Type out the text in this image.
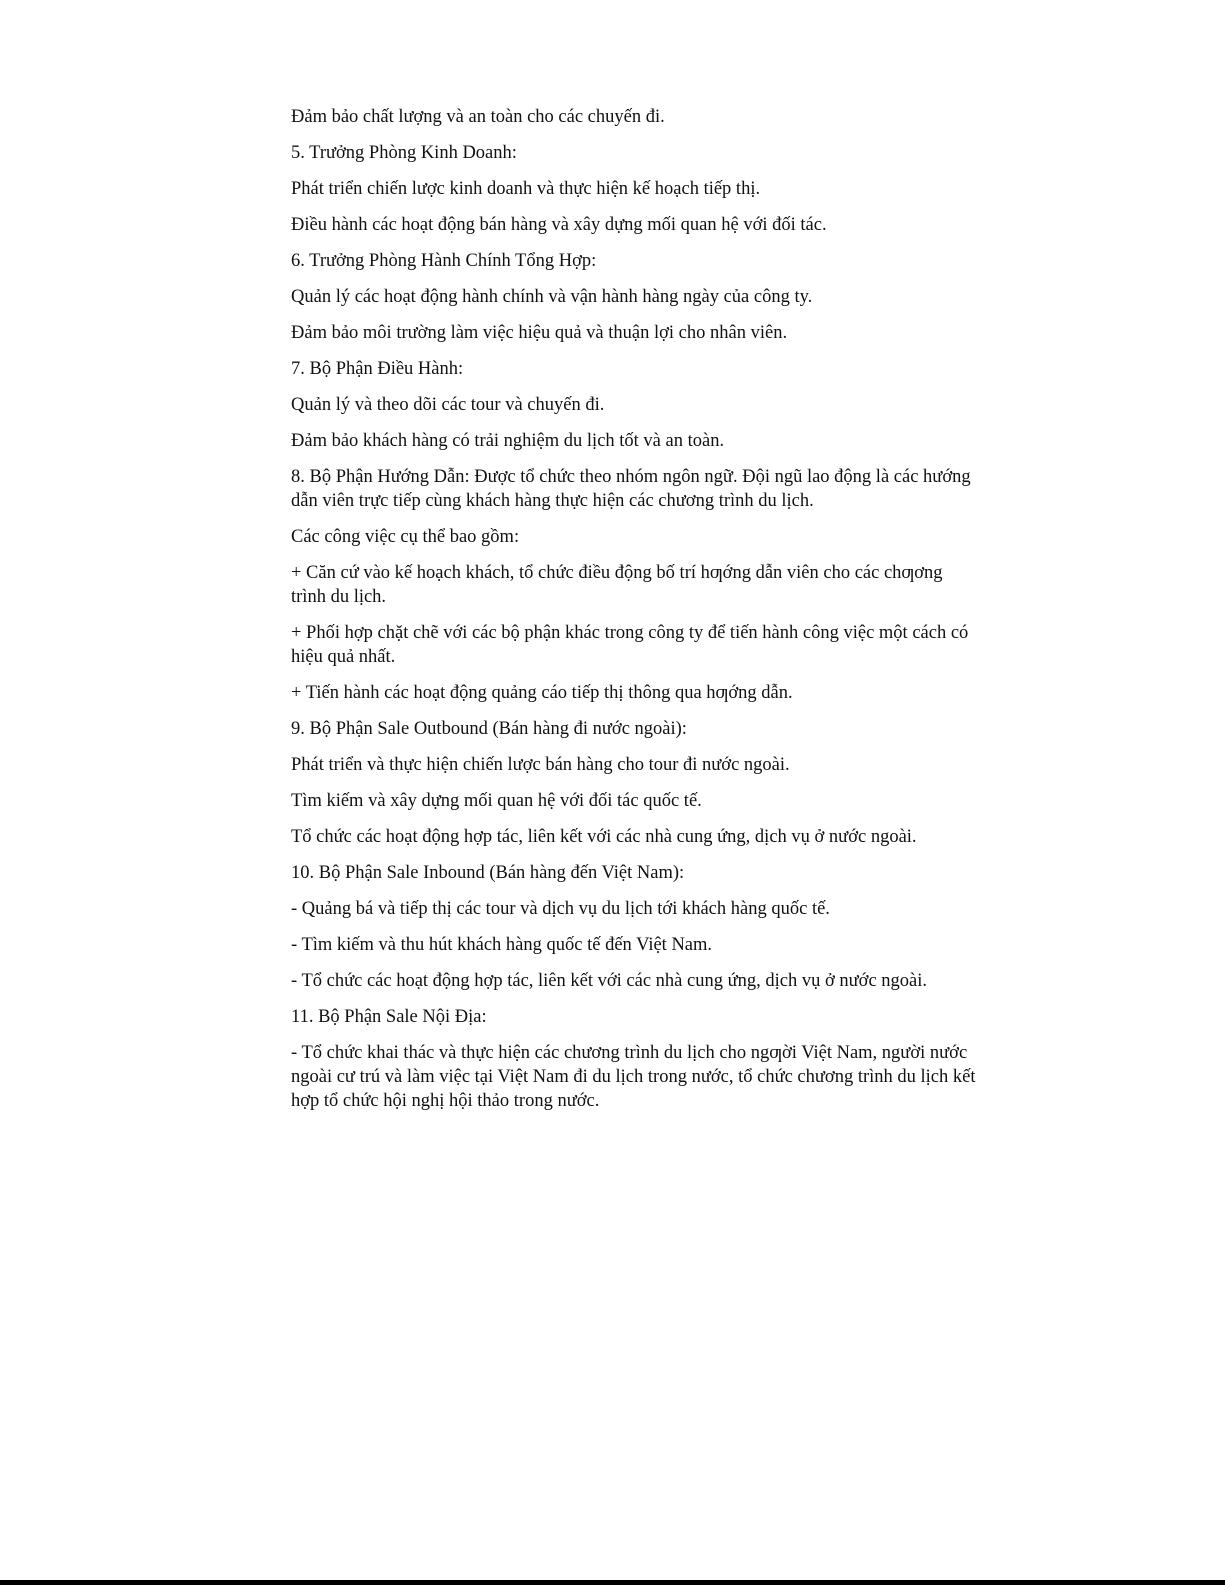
Đảm bảo chất lượng và an toàn cho các chuyến đi.

5. Trưởng Phòng Kinh Doanh:

Phát triển chiến lược kinh doanh và thực hiện kế hoạch tiếp thị.

Điều hành các hoạt động bán hàng và xây dựng mối quan hệ với đối tác.

6. Trưởng Phòng Hành Chính Tổng Hợp:

Quản lý các hoạt động hành chính và vận hành hàng ngày của công ty.

Đảm bảo môi trường làm việc hiệu quả và thuận lợi cho nhân viên.

7. Bộ Phận Điều Hành:

Quản lý và theo dõi các tour và chuyến đi.

Đảm bảo khách hàng có trải nghiệm du lịch tốt và an toàn.

8. Bộ Phận Hướng Dẫn: Được tổ chức theo nhóm ngôn ngữ. Đội ngũ lao động là các hướng dẫn viên trực tiếp cùng khách hàng thực hiện các chương trình du lịch.

Các công việc cụ thể bao gồm:

+ Căn cứ vào kế hoạch khách, tổ chức điều động bố trí hƣớng dẫn viên cho các chƣơng trình du lịch.

+ Phối hợp chặt chẽ với các bộ phận khác trong công ty để tiến hành công việc một cách có hiệu quả nhất.

+ Tiến hành các hoạt động quảng cáo tiếp thị thông qua hƣớng dẫn.

9. Bộ Phận Sale Outbound (Bán hàng đi nước ngoài):

Phát triển và thực hiện chiến lược bán hàng cho tour đi nước ngoài.

Tìm kiếm và xây dựng mối quan hệ với đối tác quốc tế.

Tổ chức các hoạt động hợp tác, liên kết với các nhà cung ứng, dịch vụ ở nước ngoài.

10. Bộ Phận Sale Inbound (Bán hàng đến Việt Nam):

- Quảng bá và tiếp thị các tour và dịch vụ du lịch tới khách hàng quốc tế.

- Tìm kiếm và thu hút khách hàng quốc tế đến Việt Nam.

- Tổ chức các hoạt động hợp tác, liên kết với các nhà cung ứng, dịch vụ ở nước ngoài.

11. Bộ Phận Sale Nội Địa:

- Tổ chức khai thác và thực hiện các chương trình du lịch cho ngƣời Việt Nam, người nước ngoài cư trú và làm việc tại Việt Nam đi du lịch trong nước, tổ chức chương trình du lịch kết hợp tổ chức hội nghị hội thảo trong nước.
